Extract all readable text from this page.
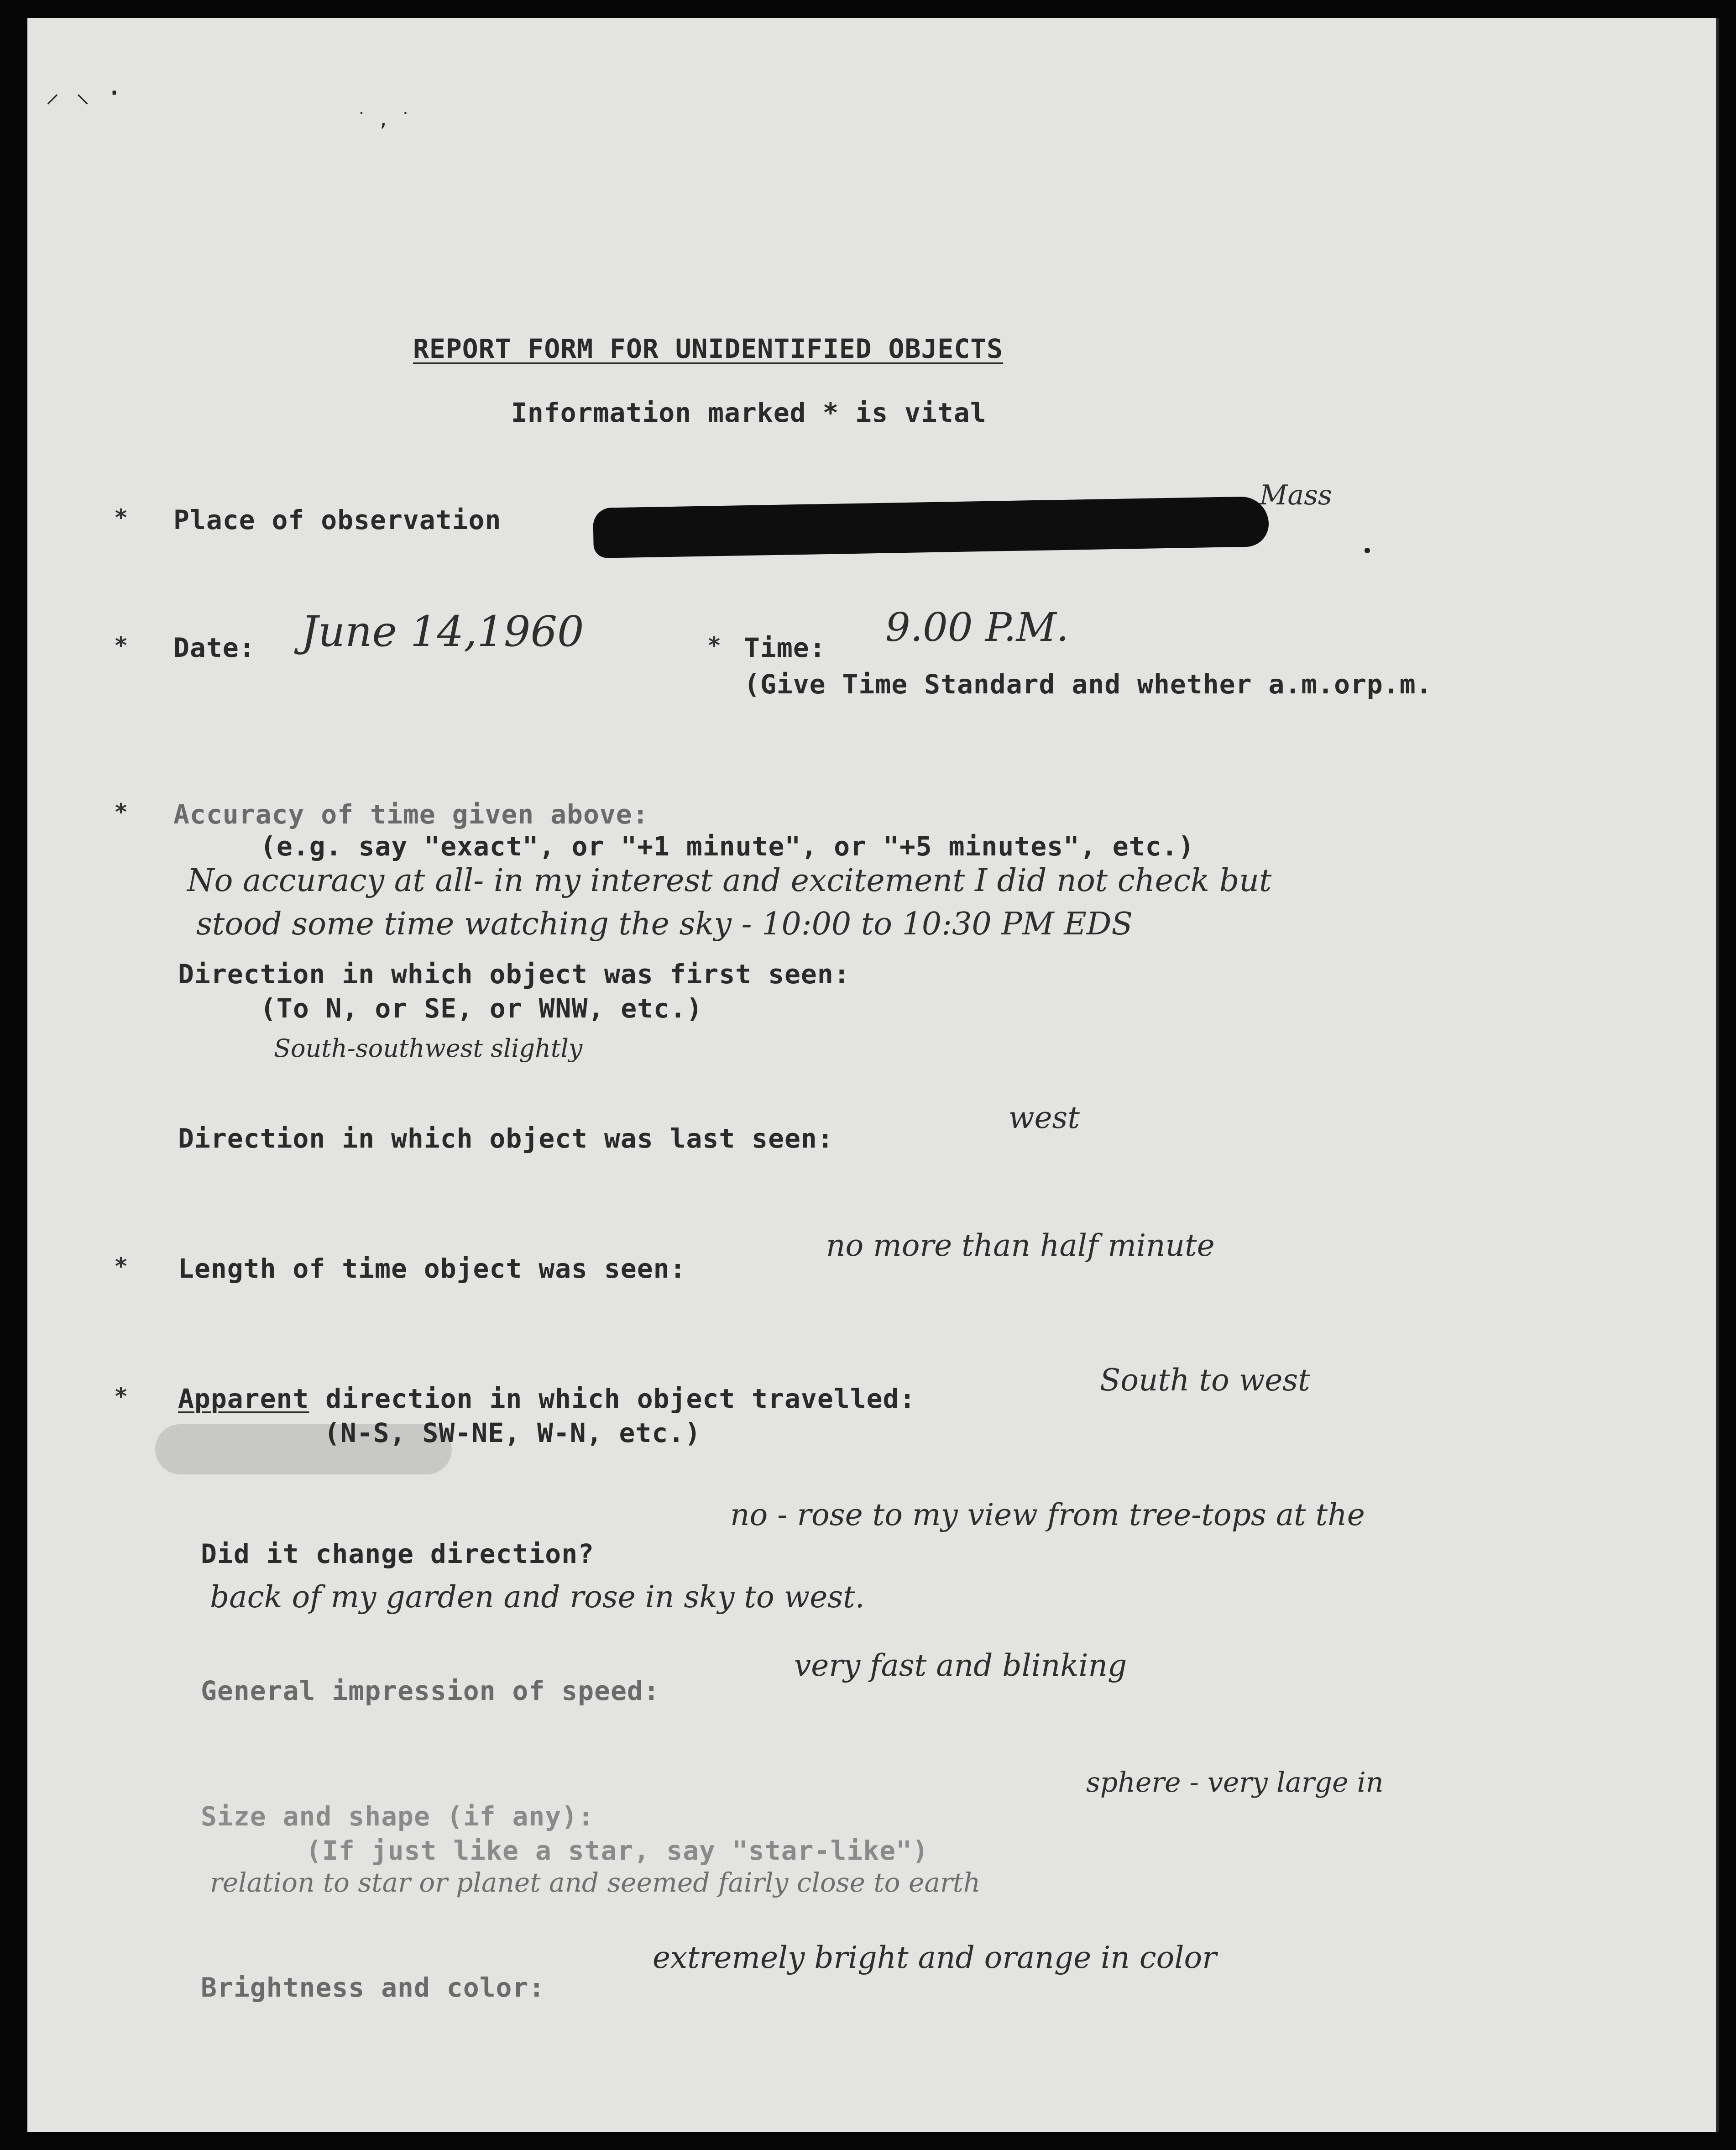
⸝ ⸜ ·
˙ , ˙
REPORT FORM FOR UNIDENTIFIED OBJECTS
Information marked * is vital
* Place of observation
Mass
* Date: June 14,1960	* Time: 9.00 P.M.
(Give Time Standard and whether a.m.orp.m.
* Accuracy of time given above:
(e.g. say "exact", or "+1 minute", or "+5 minutes", etc.)
No accuracy at all- in my interest and excitement I did not check but
stood some time watching the sky - 10:00 to 10:30 PM EDS
Direction in which object was first seen:
(To N, or SE, or WNW, etc.)
South-southwest slightly
Direction in which object was last seen:
west
* Length of time object was seen:
no more than half minute
* Apparent direction in which object travelled:
(N-S, SW-NE, W-N, etc.)
South to west
Did it change direction?
no - rose to my view from tree-tops at the
back of my garden and rose in sky to west.
General impression of speed:
very fast and blinking
Size and shape (if any):
(If just like a star, say "star-like")
sphere - very large in
relation to star or planet and seemed fairly close to earth
Brightness and color:
extremely bright and orange in color
